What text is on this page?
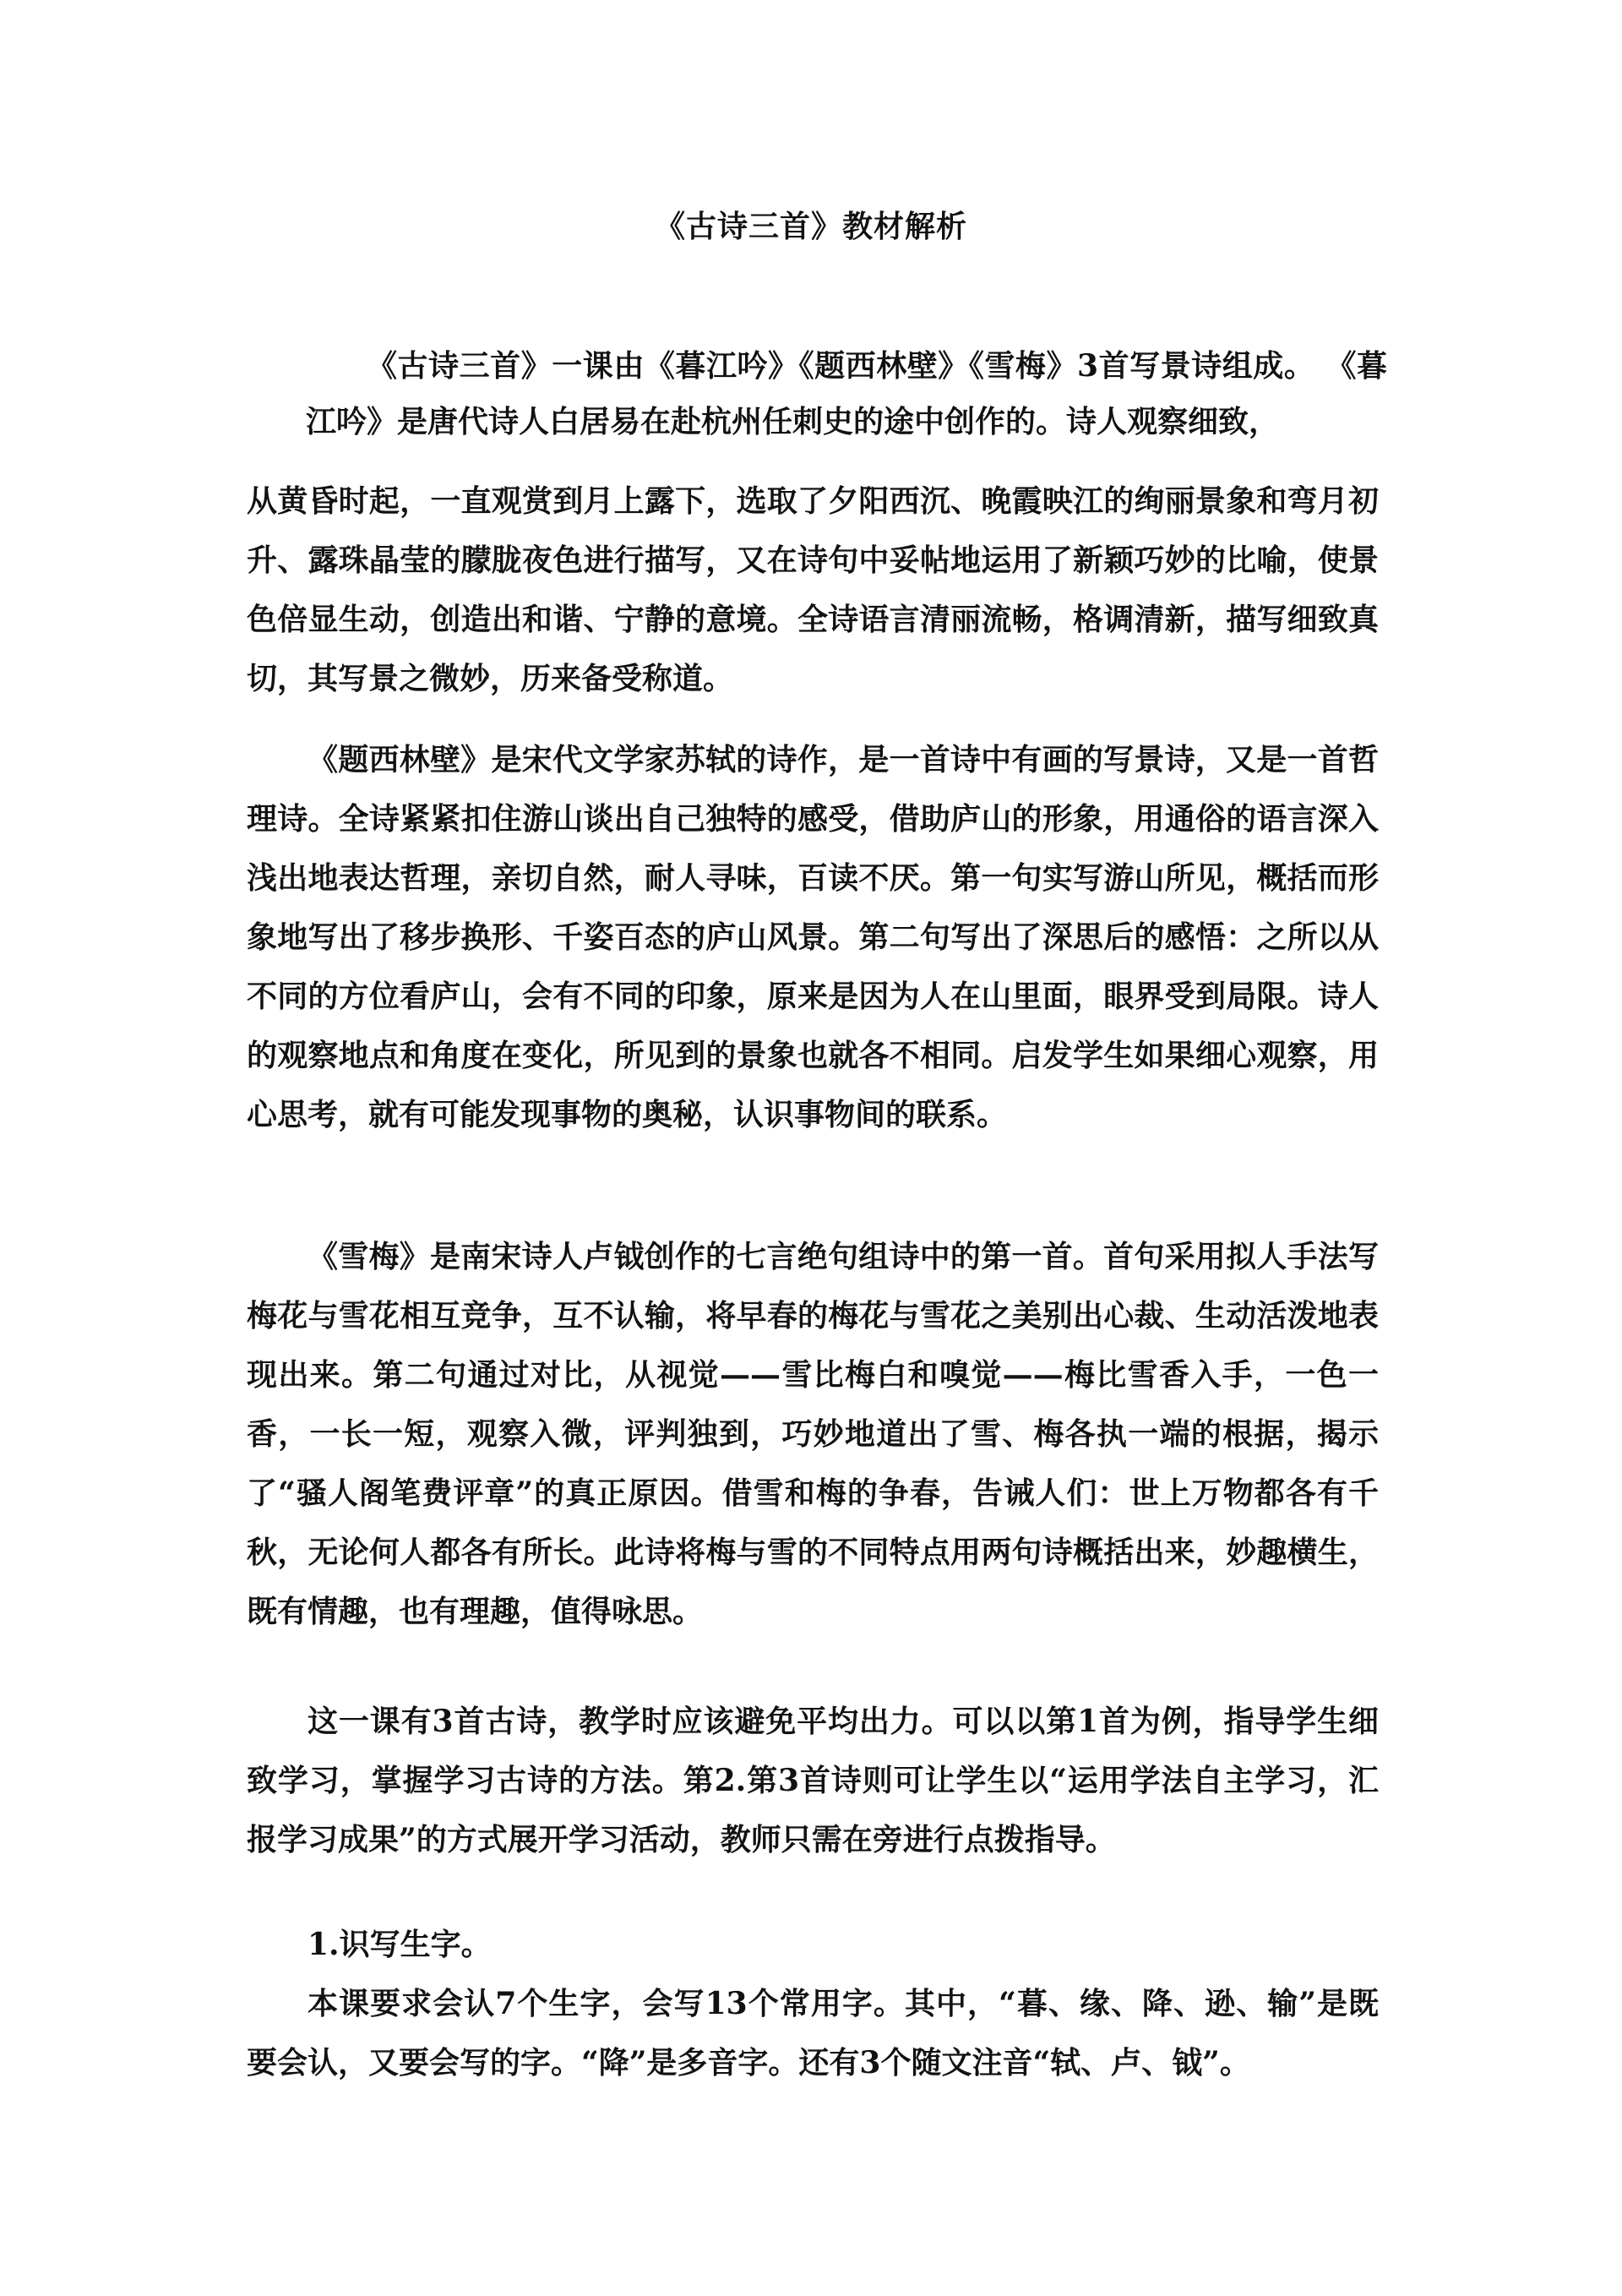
《古诗三首》教材解析

《古诗三首》一课由《暮江吟》《题西林壁》《雪梅》3首写景诗组成。 《暮江吟》是唐代诗人白居易在赴杭州任刺史的途中创作的。诗人观察细致，

从黄昏时起，一直观赏到月上露下，选取了夕阳西沉、晚霞映江的绚丽景象和弯月初升、露珠晶莹的朦胧夜色进行描写，又在诗句中妥帖地运用了新颖巧妙的比喻，使景色倍显生动，创造出和谐、宁静的意境。全诗语言清丽流畅，格调清新，描写细致真切，其写景之微妙，历来备受称道。

《题西林壁》是宋代文学家苏轼的诗作，是一首诗中有画的写景诗，又是一首哲理诗。全诗紧紧扣住游山谈出自己独特的感受，借助庐山的形象，用通俗的语言深入浅出地表达哲理，亲切自然，耐人寻味，百读不厌。第一句实写游山所见，概括而形象地写出了移步换形、千姿百态的庐山风景。第二句写出了深思后的感悟：之所以从不同的方位看庐山，会有不同的印象，原来是因为人在山里面，眼界受到局限。诗人的观察地点和角度在变化，所见到的景象也就各不相同。启发学生如果细心观察，用心思考，就有可能发现事物的奥秘，认识事物间的联系。

《雪梅》是南宋诗人卢钺创作的七言绝句组诗中的第一首。首句采用拟人手法写梅花与雪花相互竞争，互不认输，将早春的梅花与雪花之美别出心裁、生动活泼地表现出来。第二句通过对比，从视觉——雪比梅白和嗅觉——梅比雪香入手，一色一香，一长一短，观察入微，评判独到，巧妙地道出了雪、梅各执一端的根据，揭示了“骚人阁笔费评章”的真正原因。借雪和梅的争春，告诫人们：世上万物都各有千秋，无论何人都各有所长。此诗将梅与雪的不同特点用两句诗概括出来，妙趣横生，既有情趣，也有理趣，值得咏思。

这一课有3首古诗，教学时应该避免平均出力。可以以第1首为例，指导学生细致学习，掌握学习古诗的方法。第2.第3首诗则可让学生以“运用学法自主学习，汇报学习成果”的方式展开学习活动，教师只需在旁进行点拨指导。

1.识写生字。

本课要求会认7个生字，会写13个常用字。其中，“暮、缘、降、逊、输”是既要会认，又要会写的字。“降”是多音字。还有3个随文注音“轼、卢、钺”。
